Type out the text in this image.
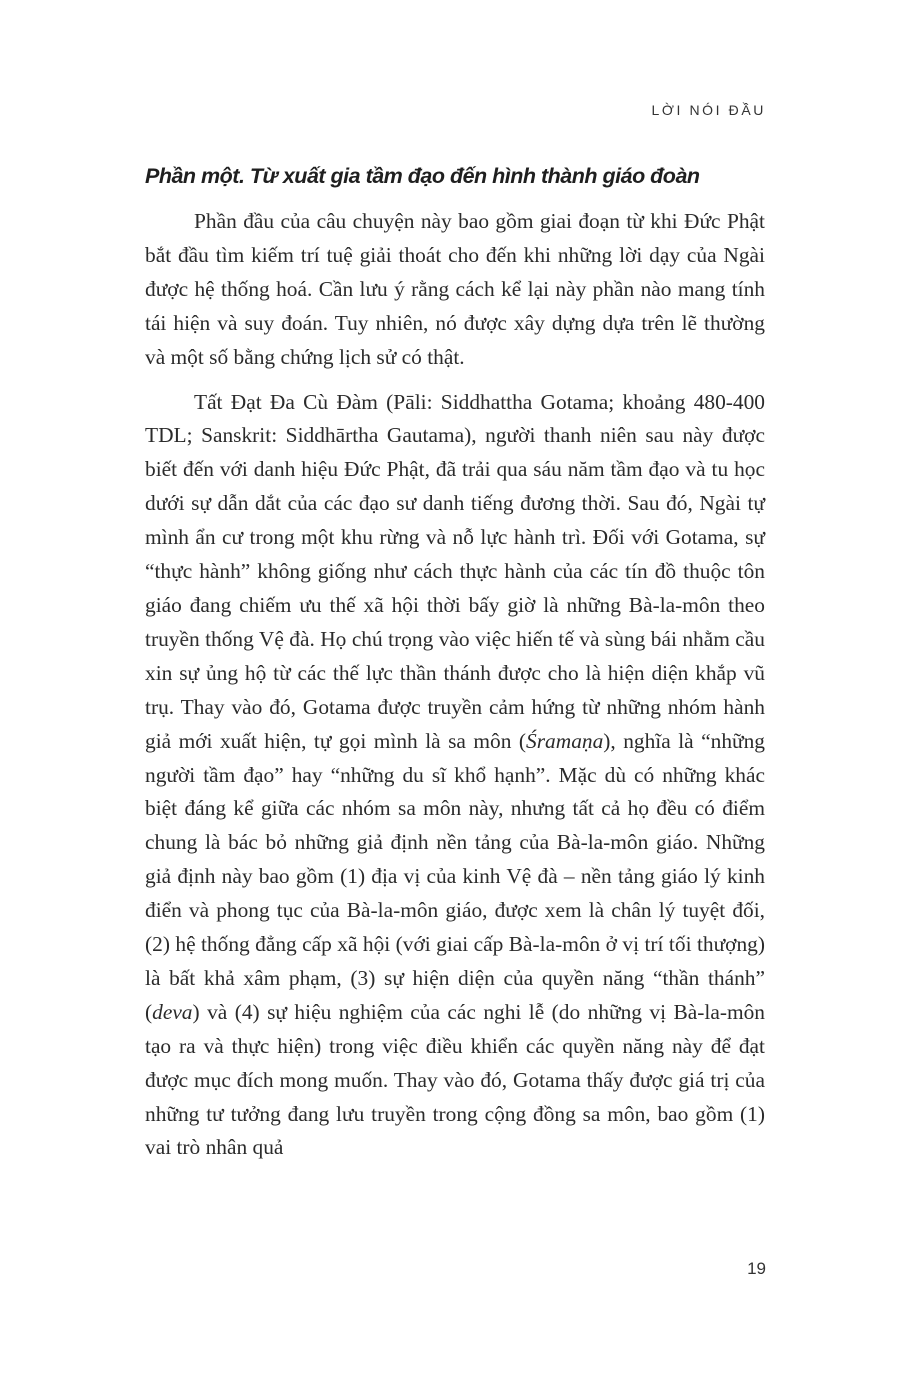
LỜI NÓI ĐẦU
Phần một. Từ xuất gia tầm đạo đến hình thành giáo đoàn

Phần đầu của câu chuyện này bao gồm giai đoạn từ khi Đức Phật bắt đầu tìm kiếm trí tuệ giải thoát cho đến khi những lời dạy của Ngài được hệ thống hoá. Cần lưu ý rằng cách kể lại này phần nào mang tính tái hiện và suy đoán. Tuy nhiên, nó được xây dựng dựa trên lẽ thường và một số bằng chứng lịch sử có thật.

Tất Đạt Đa Cù Đàm (Pāli: Siddhattha Gotama; khoảng 480-400 TDL; Sanskrit: Siddhārtha Gautama), người thanh niên sau này được biết đến với danh hiệu Đức Phật, đã trải qua sáu năm tầm đạo và tu học dưới sự dẫn dắt của các đạo sư danh tiếng đương thời. Sau đó, Ngài tự mình ẩn cư trong một khu rừng và nỗ lực hành trì. Đối với Gotama, sự “thực hành” không giống như cách thực hành của các tín đồ thuộc tôn giáo đang chiếm ưu thế xã hội thời bấy giờ là những Bà-la-môn theo truyền thống Vệ đà. Họ chú trọng vào việc hiến tế và sùng bái nhằm cầu xin sự ủng hộ từ các thế lực thần thánh được cho là hiện diện khắp vũ trụ. Thay vào đó, Gotama được truyền cảm hứng từ những nhóm hành giả mới xuất hiện, tự gọi mình là sa môn (Śramaṇa), nghĩa là “những người tầm đạo” hay “những du sĩ khổ hạnh”. Mặc dù có những khác biệt đáng kể giữa các nhóm sa môn này, nhưng tất cả họ đều có điểm chung là bác bỏ những giả định nền tảng của Bà-la-môn giáo. Những giả định này bao gồm (1) địa vị của kinh Vệ đà – nền tảng giáo lý kinh điển và phong tục của Bà-la-môn giáo, được xem là chân lý tuyệt đối, (2) hệ thống đẳng cấp xã hội (với giai cấp Bà-la-môn ở vị trí tối thượng) là bất khả xâm phạm, (3) sự hiện diện của quyền năng “thần thánh” (deva) và (4) sự hiệu nghiệm của các nghi lễ (do những vị Bà-la-môn tạo ra và thực hiện) trong việc điều khiển các quyền năng này để đạt được mục đích mong muốn. Thay vào đó, Gotama thấy được giá trị của những tư tưởng đang lưu truyền trong cộng đồng sa môn, bao gồm (1) vai trò nhân quả

19
